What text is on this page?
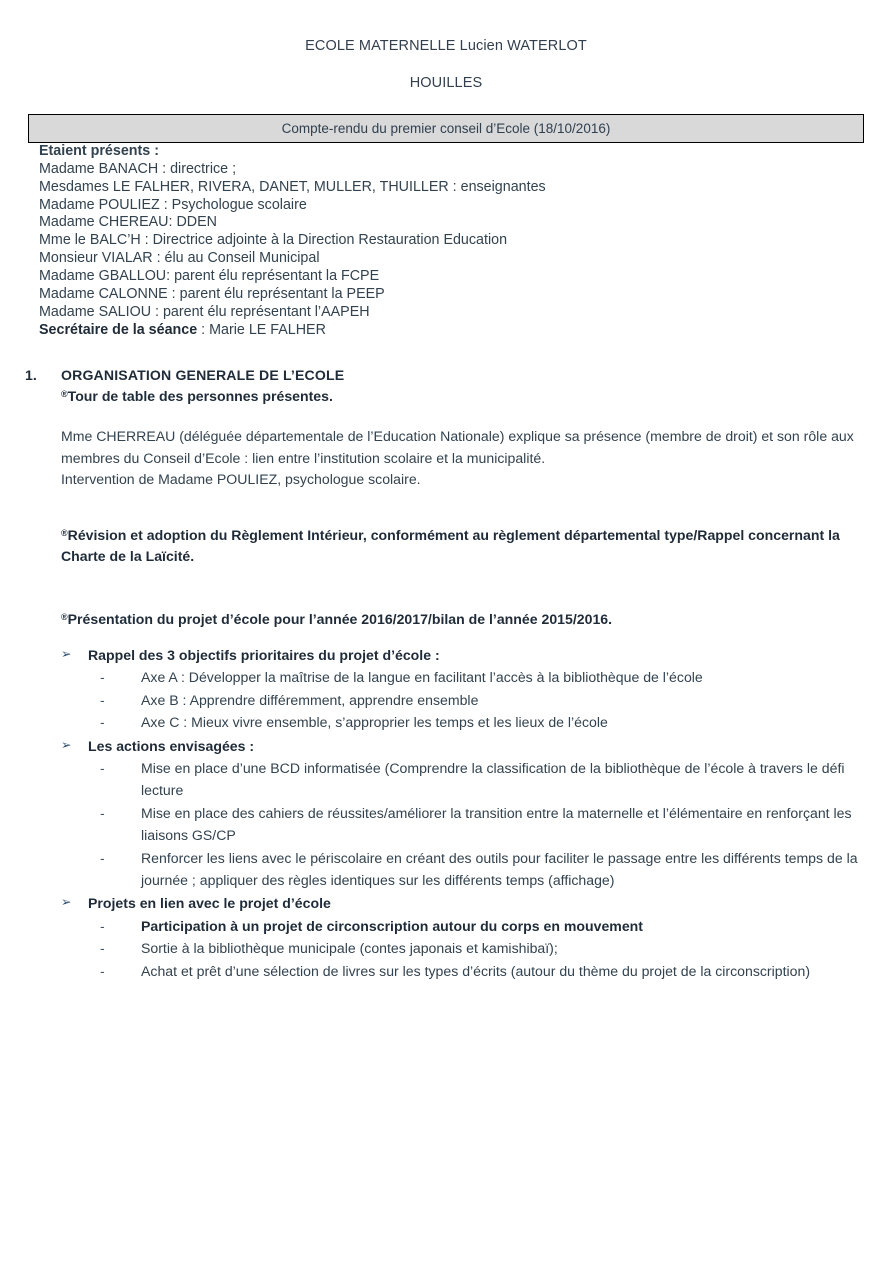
ECOLE MATERNELLE Lucien WATERLOT
HOUILLES
Compte-rendu du premier conseil d’Ecole (18/10/2016)

Etaient présents :

Madame BANACH : directrice ;

Mesdames LE FALHER, RIVERA, DANET, MULLER, THUILLER : enseignantes

Madame POULIEZ : Psychologue scolaire

Madame CHEREAU: DDEN

Mme le BALC’H : Directrice adjointe à la Direction Restauration Education

Monsieur VIALAR : élu au Conseil Municipal

Madame GBALLOU: parent élu représentant la FCPE

Madame CALONNE : parent élu représentant la PEEP

Madame SALIOU : parent élu représentant l’AAPEH

Secrétaire de la séance : Marie LE FALHER

1.	ORGANISATION GENERALE DE L’ECOLE
®Tour de table des personnes présentes.

Mme CHERREAU (déléguée départementale de l’Education Nationale) explique sa présence (membre de droit) et son rôle aux membres du Conseil d’Ecole : lien entre l’institution scolaire et la municipalité.

Intervention de Madame POULIEZ, psychologue scolaire.

®Révision et adoption du Règlement Intérieur, conformément au règlement départemental type/Rappel concernant la Charte de la Laïcité.

®Présentation du projet d’école pour l’année 2016/2017/bilan de l’année 2015/2016.

➢	Rappel des 3 objectifs prioritaires du projet d’école :
-	Axe A : Développer la maîtrise de la langue en facilitant l’accès à la bibliothèque de l’école
-	Axe B : Apprendre différemment, apprendre ensemble
-	Axe C : Mieux vivre ensemble, s’approprier les temps et les lieux de l’école
➢	Les actions envisagées :
-	Mise en place d’une BCD informatisée (Comprendre la classification de la bibliothèque de l’école à travers le défi lecture
-	Mise en place des cahiers de réussites/améliorer la transition entre la maternelle et l’élémentaire en renforçant les liaisons GS/CP
-	Renforcer les liens avec le périscolaire en créant des outils pour faciliter le passage entre les différents temps de la journée ; appliquer des règles identiques sur les différents temps (affichage)
➢	Projets en lien avec le projet d’école
-	Participation à un projet de circonscription autour du corps en mouvement
-	Sortie à la bibliothèque municipale (contes japonais et kamishibaï);
-	Achat et prêt d’une sélection de livres sur les types d’écrits (autour du thème du projet de la circonscription)
